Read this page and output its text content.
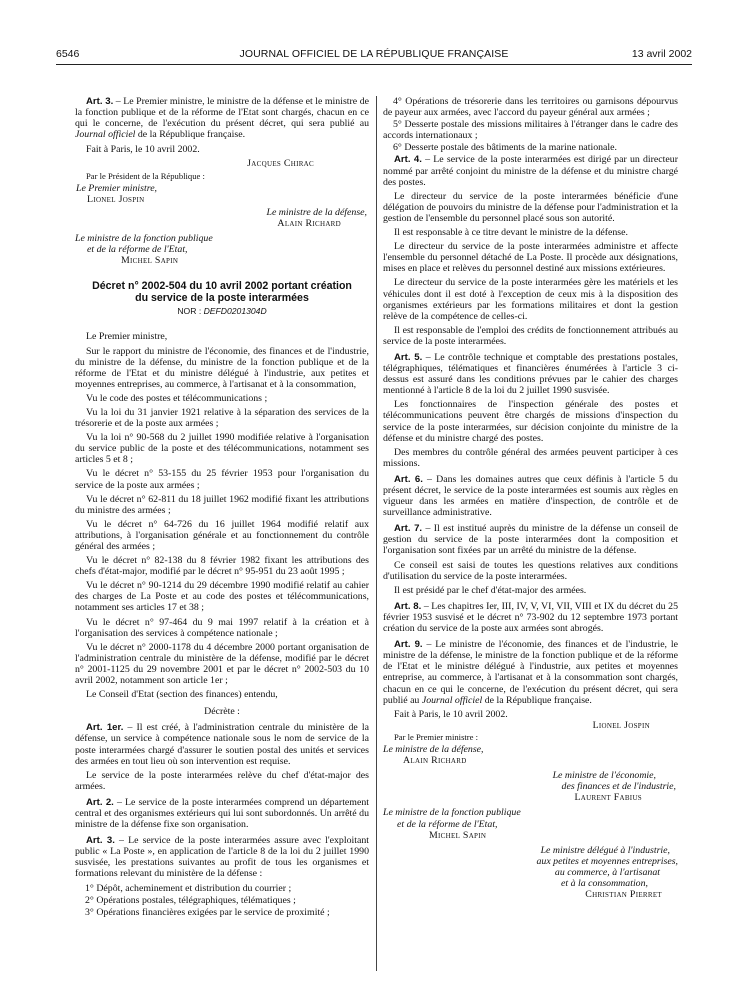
6546	JOURNAL OFFICIEL DE LA RÉPUBLIQUE FRANÇAISE	13 avril 2002

Art. 3. – Le Premier ministre, le ministre de la défense et le ministre de la fonction publique et de la réforme de l'Etat sont chargés, chacun en ce qui le concerne, de l'exécution du présent décret, qui sera publié au Journal officiel de la République française.

Fait à Paris, le 10 avril 2002.

Jacques Chirac

Par le Président de la République :

Le Premier ministre,

Lionel Jospin

Le ministre de la défense,

Alain Richard

Le ministre de la fonction publique

et de la réforme de l'Etat,

Michel Sapin

Décret n° 2002-504 du 10 avril 2002 portant création
du service de la poste interarmées

NOR : DEFD0201304D

Le Premier ministre,

Sur le rapport du ministre de l'économie, des finances et de l'industrie, du ministre de la défense, du ministre de la fonction publique et de la réforme de l'Etat et du ministre délégué à l'industrie, aux petites et moyennes entreprises, au commerce, à l'artisanat et à la consommation,

Vu le code des postes et télécommunications ;

Vu la loi du 31 janvier 1921 relative à la séparation des services de la trésorerie et de la poste aux armées ;

Vu la loi n° 90-568 du 2 juillet 1990 modifiée relative à l'organisation du service public de la poste et des télécommunications, notamment ses articles 5 et 8 ;

Vu le décret n° 53-155 du 25 février 1953 pour l'organisation du service de la poste aux armées ;

Vu le décret n° 62-811 du 18 juillet 1962 modifié fixant les attributions du ministre des armées ;

Vu le décret n° 64-726 du 16 juillet 1964 modifié relatif aux attributions, à l'organisation générale et au fonctionnement du contrôle général des armées ;

Vu le décret n° 82-138 du 8 février 1982 fixant les attributions des chefs d'état-major, modifié par le décret n° 95-951 du 23 août 1995 ;

Vu le décret n° 90-1214 du 29 décembre 1990 modifié relatif au cahier des charges de La Poste et au code des postes et télécommunications, notamment ses articles 17 et 38 ;

Vu le décret n° 97-464 du 9 mai 1997 relatif à la création et à l'organisation des services à compétence nationale ;

Vu le décret n° 2000-1178 du 4 décembre 2000 portant organisation de l'administration centrale du ministère de la défense, modifié par le décret n° 2001-1125 du 29 novembre 2001 et par le décret n° 2002-503 du 10 avril 2002, notamment son article 1er ;

Le Conseil d'Etat (section des finances) entendu,

Décrète :

Art. 1er. – Il est créé, à l'administration centrale du ministère de la défense, un service à compétence nationale sous le nom de service de la poste interarmées chargé d'assurer le soutien postal des unités et services des armées en tout lieu où son intervention est requise.

Le service de la poste interarmées relève du chef d'état-major des armées.

Art. 2. – Le service de la poste interarmées comprend un département central et des organismes extérieurs qui lui sont subordonnés. Un arrêté du ministre de la défense fixe son organisation.

Art. 3. – Le service de la poste interarmées assure avec l'exploitant public « La Poste », en application de l'article 8 de la loi du 2 juillet 1990 susvisée, les prestations suivantes au profit de tous les organismes et formations relevant du ministère de la défense :

1° Dépôt, acheminement et distribution du courrier ;

2° Opérations postales, télégraphiques, télématiques ;

3° Opérations financières exigées par le service de proximité ;

4° Opérations de trésorerie dans les territoires ou garnisons dépourvus de payeur aux armées, avec l'accord du payeur général aux armées ;

5° Desserte postale des missions militaires à l'étranger dans le cadre des accords internationaux ;

6° Desserte postale des bâtiments de la marine nationale.

Art. 4. – Le service de la poste interarmées est dirigé par un directeur nommé par arrêté conjoint du ministre de la défense et du ministre chargé des postes.

Le directeur du service de la poste interarmées bénéficie d'une délégation de pouvoirs du ministre de la défense pour l'administration et la gestion de l'ensemble du personnel placé sous son autorité.

Il est responsable à ce titre devant le ministre de la défense.

Le directeur du service de la poste interarmées administre et affecte l'ensemble du personnel détaché de La Poste. Il procède aux désignations, mises en place et relèves du personnel destiné aux missions extérieures.

Le directeur du service de la poste interarmées gère les matériels et les véhicules dont il est doté à l'exception de ceux mis à la disposition des organismes extérieurs par les formations militaires et dont la gestion relève de la compétence de celles-ci.

Il est responsable de l'emploi des crédits de fonctionnement attribués au service de la poste interarmées.

Art. 5. – Le contrôle technique et comptable des prestations postales, télégraphiques, télématiques et financières énumérées à l'article 3 ci-dessus est assuré dans les conditions prévues par le cahier des charges mentionné à l'article 8 de la loi du 2 juillet 1990 susvisée.

Les fonctionnaires de l'inspection générale des postes et télécommunications peuvent être chargés de missions d'inspection du service de la poste interarmées, sur décision conjointe du ministre de la défense et du ministre chargé des postes.

Des membres du contrôle général des armées peuvent participer à ces missions.

Art. 6. – Dans les domaines autres que ceux définis à l'article 5 du présent décret, le service de la poste interarmées est soumis aux règles en vigueur dans les armées en matière d'inspection, de contrôle et de surveillance administrative.

Art. 7. – Il est institué auprès du ministre de la défense un conseil de gestion du service de la poste interarmées dont la composition et l'organisation sont fixées par un arrêté du ministre de la défense.

Ce conseil est saisi de toutes les questions relatives aux conditions d'utilisation du service de la poste interarmées.

Il est présidé par le chef d'état-major des armées.

Art. 8. – Les chapitres Ier, III, IV, V, VI, VII, VIII et IX du décret du 25 février 1953 susvisé et le décret n° 73-902 du 12 septembre 1973 portant création du service de la poste aux armées sont abrogés.

Art. 9. – Le ministre de l'économie, des finances et de l'industrie, le ministre de la défense, le ministre de la fonction publique et de la réforme de l'Etat et le ministre délégué à l'industrie, aux petites et moyennes entreprise, au commerce, à l'artisanat et à la consommation sont chargés, chacun en ce qui le concerne, de l'exécution du présent décret, qui sera publié au Journal officiel de la République française.

Fait à Paris, le 10 avril 2002.

Lionel Jospin

Par le Premier ministre :

Le ministre de la défense,

Alain Richard

Le ministre de l'économie,

des finances et de l'industrie,

Laurent Fabius

Le ministre de la fonction publique

et de la réforme de l'Etat,

Michel Sapin

Le ministre délégué à l'industrie,

aux petites et moyennes entreprises,

au commerce, à l'artisanat

et à la consommation,

Christian Pierret
